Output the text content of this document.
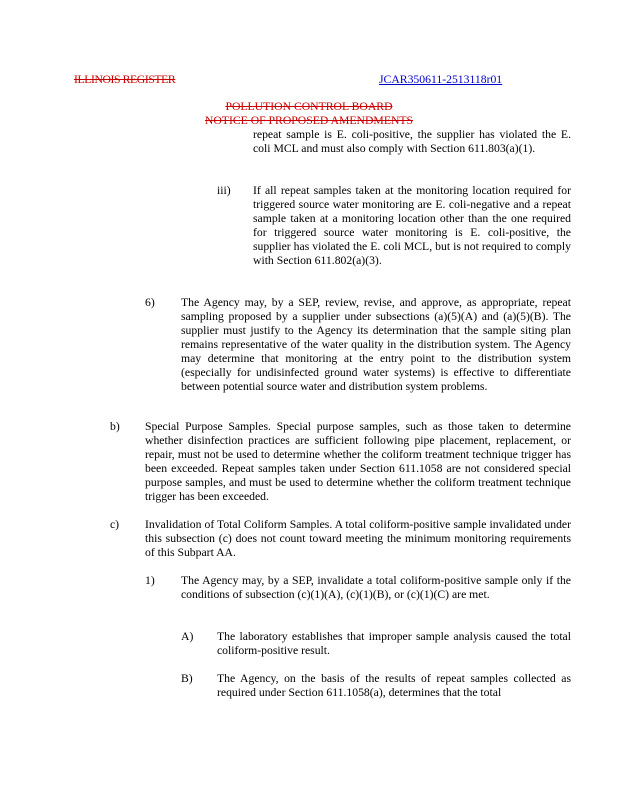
ILLINOIS REGISTER	JCAR350611-2513118r01
POLLUTION CONTROL BOARD
NOTICE OF PROPOSED AMENDMENTS
repeat sample is E. coli-positive, the supplier has violated the E. coli MCL and must also comply with Section 611.803(a)(1).
iii) If all repeat samples taken at the monitoring location required for triggered source water monitoring are E. coli-negative and a repeat sample taken at a monitoring location other than the one required for triggered source water monitoring is E. coli-positive, the supplier has violated the E. coli MCL, but is not required to comply with Section 611.802(a)(3).
6) The Agency may, by a SEP, review, revise, and approve, as appropriate, repeat sampling proposed by a supplier under subsections (a)(5)(A) and (a)(5)(B). The supplier must justify to the Agency its determination that the sample siting plan remains representative of the water quality in the distribution system. The Agency may determine that monitoring at the entry point to the distribution system (especially for undisinfected ground water systems) is effective to differentiate between potential source water and distribution system problems.
b) Special Purpose Samples. Special purpose samples, such as those taken to determine whether disinfection practices are sufficient following pipe placement, replacement, or repair, must not be used to determine whether the coliform treatment technique trigger has been exceeded. Repeat samples taken under Section 611.1058 are not considered special purpose samples, and must be used to determine whether the coliform treatment technique trigger has been exceeded.
c) Invalidation of Total Coliform Samples. A total coliform-positive sample invalidated under this subsection (c) does not count toward meeting the minimum monitoring requirements of this Subpart AA.
1) The Agency may, by a SEP, invalidate a total coliform-positive sample only if the conditions of subsection (c)(1)(A), (c)(1)(B), or (c)(1)(C) are met.
A) The laboratory establishes that improper sample analysis caused the total coliform-positive result.
B) The Agency, on the basis of the results of repeat samples collected as required under Section 611.1058(a), determines that the total
